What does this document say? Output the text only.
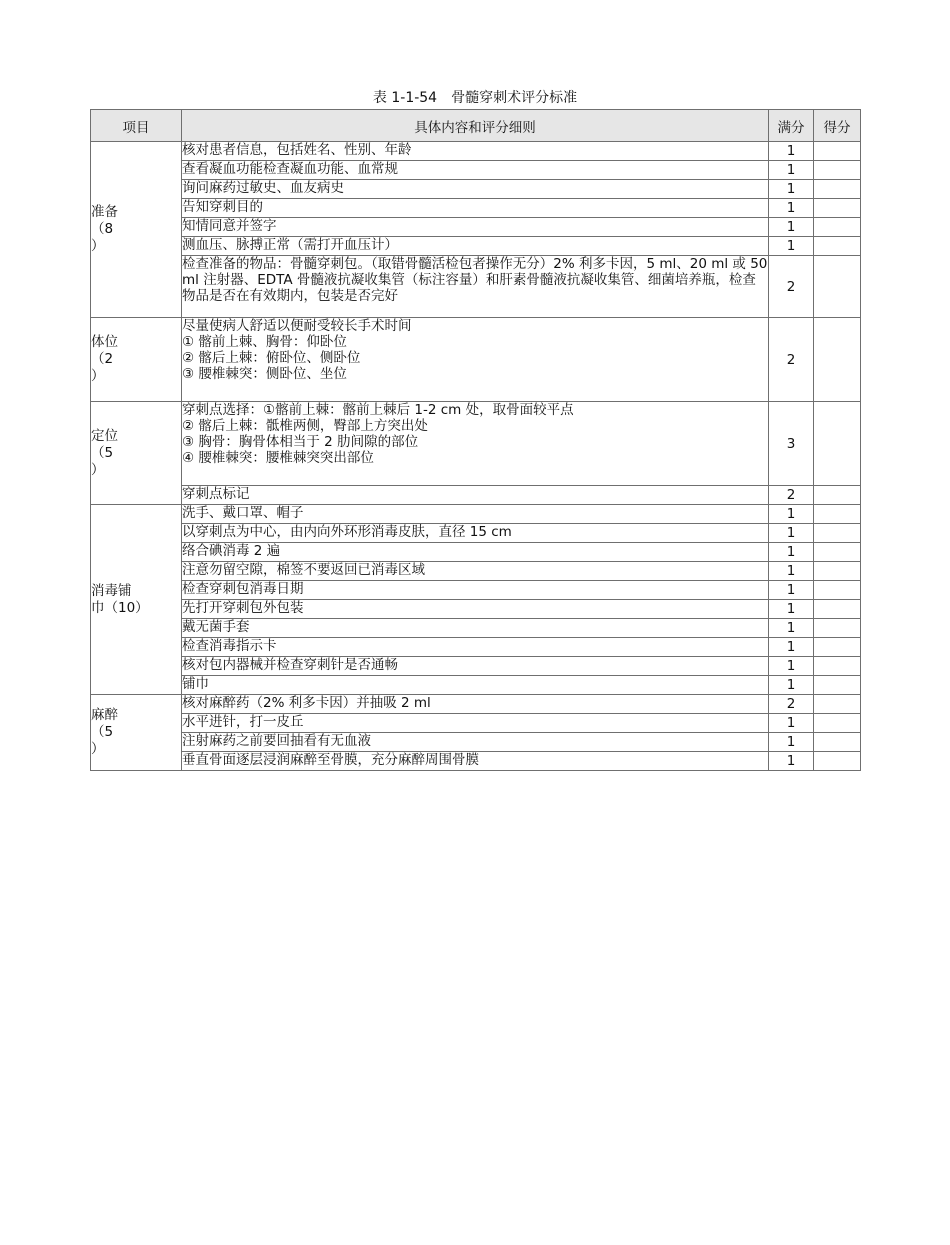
表 1-1-54　骨髓穿刺术评分标准
项目	具体内容和评分细则	满分	得分
准备
（8
）	核对患者信息，包括姓名、性别、年龄	1	

	查看凝血功能检查凝血功能、血常规	1	

	询问麻药过敏史、血友病史	1	

	告知穿刺目的	1	

	知情同意并签字	1	

	测血压、脉搏正常（需打开血压计）	1	

	检查准备的物品：骨髓穿刺包。（取错骨髓活检包者操作无分）2% 利多卡因，5 ml、20 ml 或 50 ml 注射器、EDTA 骨髓液抗凝收集管（标注容量）和肝素骨髓液抗凝收集管、细菌培养瓶，检查物品是否在有效期内，包装是否完好	2	
体位
（2
）	尽量使病人舒适以便耐受较长手术时间
① 髂前上棘、胸骨：仰卧位
② 髂后上棘：俯卧位、侧卧位
③ 腰椎棘突：侧卧位、坐位	2	
定位
（5
）	穿刺点选择：①髂前上棘：髂前上棘后 1-2 cm 处，取骨面较平点
② 髂后上棘：骶椎两侧，臀部上方突出处
③ 胸骨：胸骨体相当于 2 肋间隙的部位
④ 腰椎棘突：腰椎棘突突出部位	3	

	穿刺点标记	2	
消毒铺
巾（10）	洗手、戴口罩、帽子	1	

	以穿刺点为中心，由内向外环形消毒皮肤，直径 15 cm	1	

	络合碘消毒 2 遍	1	

	注意勿留空隙，棉签不要返回已消毒区域	1	

	检查穿刺包消毒日期	1	

	先打开穿刺包外包装	1	

	戴无菌手套	1	

	检查消毒指示卡	1	

	核对包内器械并检查穿刺针是否通畅	1	

	铺巾	1	
麻醉
（5
）	核对麻醉药（2% 利多卡因）并抽吸 2 ml	2	

	水平进针，打一皮丘	1	

	注射麻药之前要回抽看有无血液	1	

	垂直骨面逐层浸润麻醉至骨膜，充分麻醉周围骨膜	1	
